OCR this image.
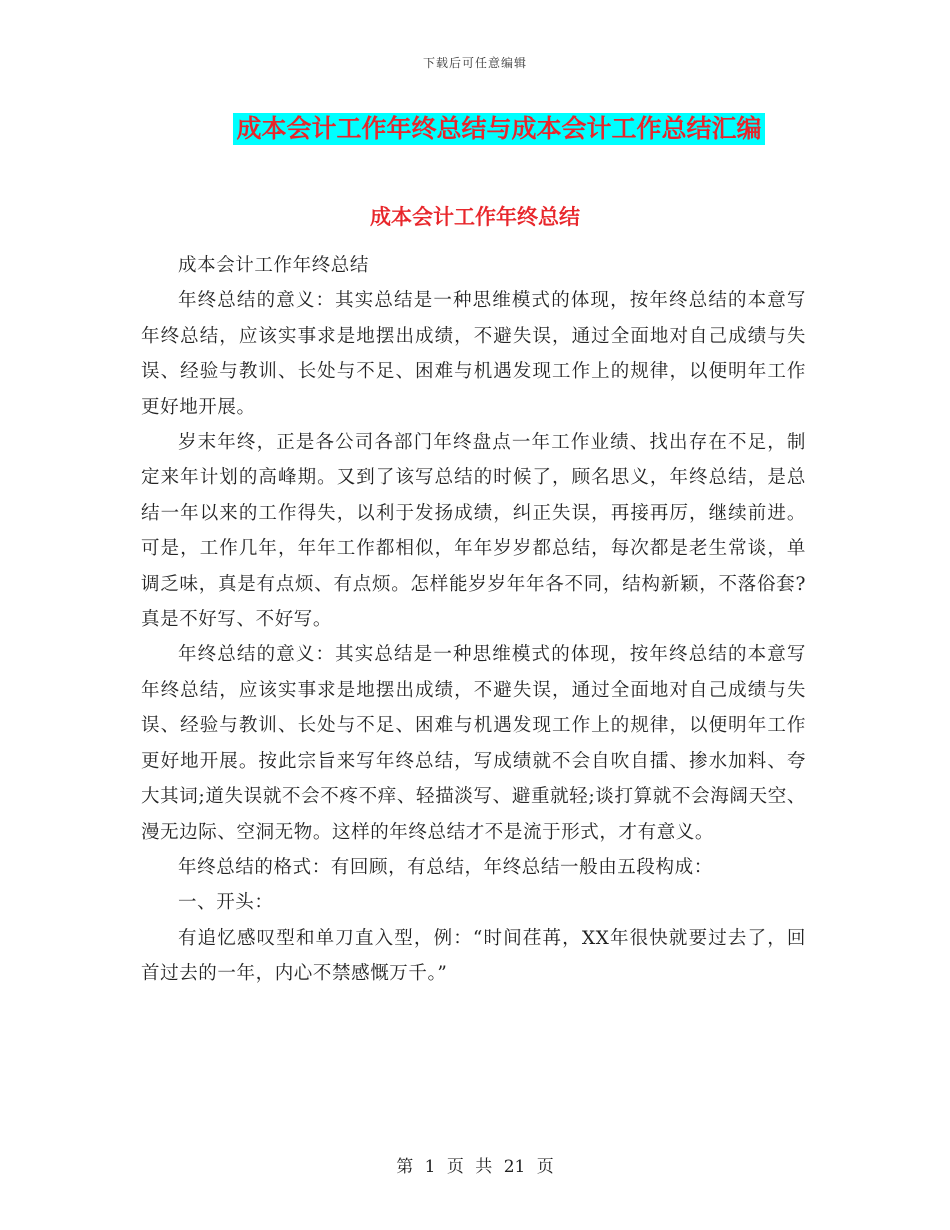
下载后可任意编辑
成本会计工作年终总结与成本会计工作总结汇编
成本会计工作年终总结

成本会计工作年终总结

年终总结的意义：其实总结是一种思维模式的体现，按年终总结的本意写年终总结，应该实事求是地摆出成绩，不避失误，通过全面地对自己成绩与失误、经验与教训、长处与不足、困难与机遇发现工作上的规律，以便明年工作更好地开展。

岁末年终，正是各公司各部门年终盘点一年工作业绩、找出存在不足，制定来年计划的高峰期。又到了该写总结的时候了，顾名思义，年终总结，是总结一年以来的工作得失，以利于发扬成绩，纠正失误，再接再厉，继续前进。可是，工作几年，年年工作都相似，年年岁岁都总结，每次都是老生常谈，单调乏味，真是有点烦、有点烦。怎样能岁岁年年各不同，结构新颖，不落俗套?真是不好写、不好写。

年终总结的意义：其实总结是一种思维模式的体现，按年终总结的本意写年终总结，应该实事求是地摆出成绩，不避失误，通过全面地对自己成绩与失误、经验与教训、长处与不足、困难与机遇发现工作上的规律，以便明年工作更好地开展。按此宗旨来写年终总结，写成绩就不会自吹自擂、掺水加料、夸大其词;道失误就不会不疼不痒、轻描淡写、避重就轻;谈打算就不会海阔天空、漫无边际、空洞无物。这样的年终总结才不是流于形式，才有意义。

年终总结的格式：有回顾，有总结，年终总结一般由五段构成：

一、开头：

有追忆感叹型和单刀直入型，例：“时间荏苒，XX年很快就要过去了，回首过去的一年，内心不禁感慨万千。”

第 1 页 共 21 页
